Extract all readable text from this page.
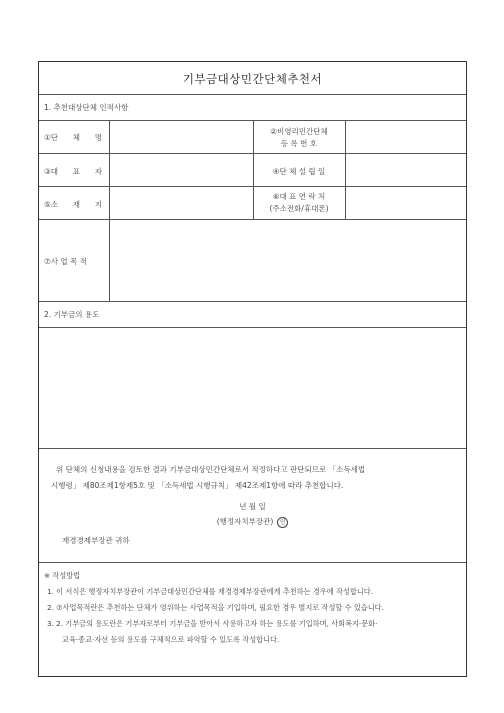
기부금대상민간단체추천서
1. 추천대상단체 인적사항
①단 체 명
②비영리민간단체
등 록 번 호
③대 표 자	④단 체 설 립 일
⑤소 재 지
⑥대 표 연 락 처
(주소전화/휴대폰)
⑦사 업 목 적
2. 기부금의 용도
위 단체의 신청내용을 검토한 결과 기부금대상민간단체로서 적정하다고 판단되므로 「소득세법
시행령」 제80조제1항제5호 및 「소득세법 시행규칙」 제42조제1항에 따라 추천합니다.
년 월 일
(행정자치부장관) 인
재경경제부장관 귀하
※ 작성방법
1. 이 서식은 행정자치부장관이 기부금대상민간단체를 재경경제부장관에게 추천하는 경우에 작성합니다.
2. ⑦사업목적란은 추천하는 단체가 영위하는 사업목적을 기입하며, 필요한 경우 별지로 작성할 수 있습니다.
3. 2. 기부금의 용도란은 기부자로부터 기부금을 받아서 사용하고자 하는 용도를 기입하며, 사회복지·문화·
교육·종교·자선 등의 용도를 구체적으로 파악할 수 있도록 작성합니다.
